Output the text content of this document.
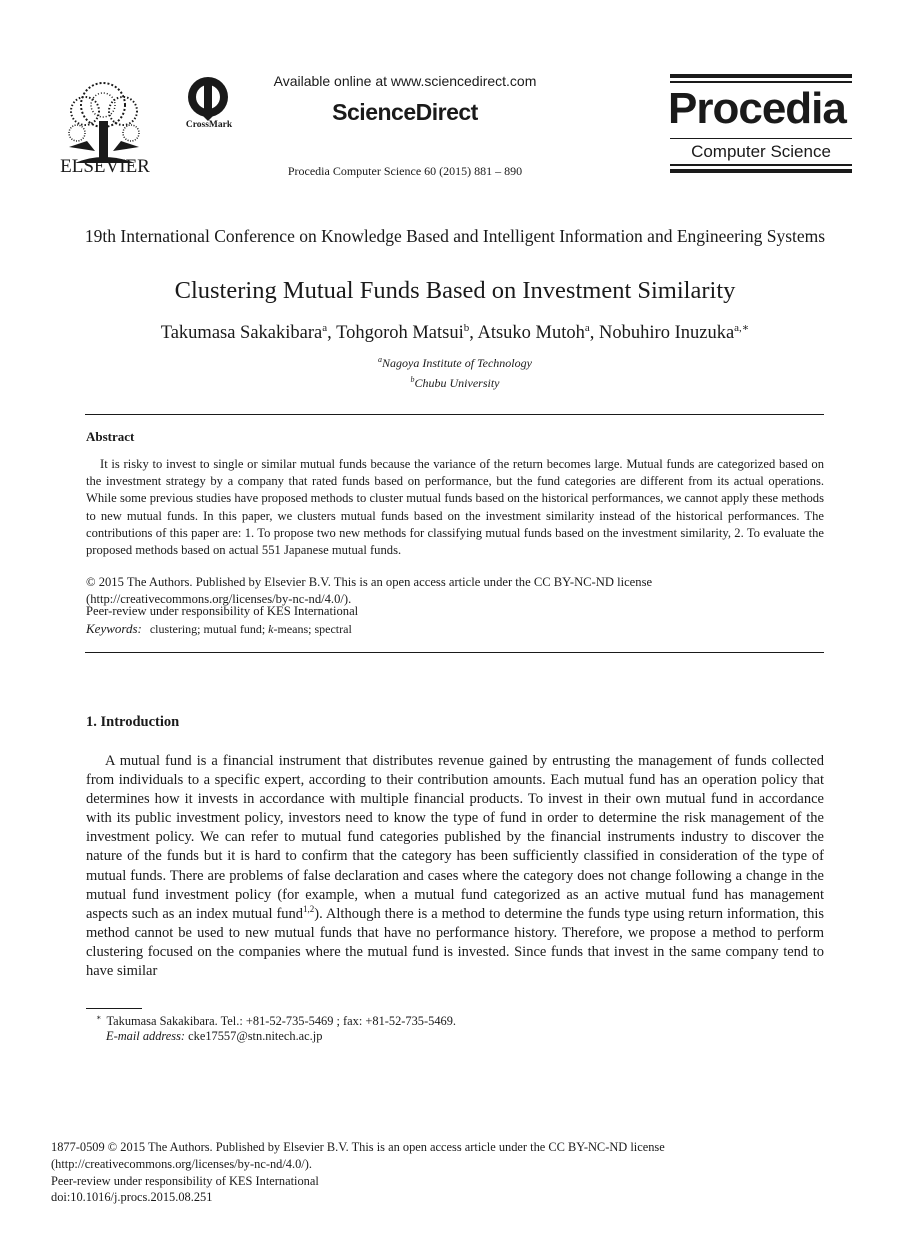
ELSEVIER
CrossMark
Available online at www.sciencedirect.com
ScienceDirect
Procedia Computer Science 60 (2015) 881 – 890
Procedia
Computer Science
19th International Conference on Knowledge Based and Intelligent Information and Engineering Systems
Clustering Mutual Funds Based on Investment Similarity
Takumasa Sakakibara$^a$, Tohgoroh Matsui$^b$, Atsuko Mutoh$^a$, Nobuhiro Inuzuka$^{a,∗}$
$^a$Nagoya Institute of Technology
$^b$Chubu University
Abstract
It is risky to invest to single or similar mutual funds because the variance of the return becomes large. Mutual funds are categorized based on the investment strategy by a company that rated funds based on performance, but the fund categories are different from its actual operations. While some previous studies have proposed methods to cluster mutual funds based on the historical performances, we cannot apply these methods to new mutual funds. In this paper, we clusters mutual funds based on the investment similarity instead of the historical performances. The contributions of this paper are: 1. To propose two new methods for classifying mutual funds based on the investment similarity, 2. To evaluate the proposed methods based on actual 551 Japanese mutual funds.
© 2015 The Authors. Published by Elsevier B.V. This is an open access article under the CC BY-NC-ND license
(http://creativecommons.org/licenses/by-nc-nd/4.0/).
Peer-review under responsibility of KES International
Keywords: clustering; mutual fund; k-means; spectral
1. Introduction
A mutual fund is a financial instrument that distributes revenue gained by entrusting the management of funds collected from individuals to a specific expert, according to their contribution amounts. Each mutual fund has an operation policy that determines how it invests in accordance with multiple financial products. To invest in their own mutual fund in accordance with its public investment policy, investors need to know the type of fund in order to determine the risk management of the investment policy. We can refer to mutual fund categories published by the financial instruments industry to discover the nature of the funds but it is hard to confirm that the category has been sufficiently classified in consideration of the type of mutual funds. There are problems of false declaration and cases where the category does not change following a change in the mutual fund investment policy (for example, when a mutual fund categorized as an active mutual fund has management aspects such as an index mutual fund$^{1,2}$). Although there is a method to determine the funds type using return information, this method cannot be used to new mutual funds that have no performance history. Therefore, we propose a method to perform clustering focused on the companies where the mutual fund is invested. Since funds that invest in the same company tend to have similar
∗ Takumasa Sakakibara. Tel.: +81-52-735-5469 ; fax: +81-52-735-5469.
E-mail address: cke17557@stn.nitech.ac.jp
1877-0509 © 2015 The Authors. Published by Elsevier B.V. This is an open access article under the CC BY-NC-ND license
(http://creativecommons.org/licenses/by-nc-nd/4.0/).
Peer-review under responsibility of KES International
doi:10.1016/j.procs.2015.08.251
